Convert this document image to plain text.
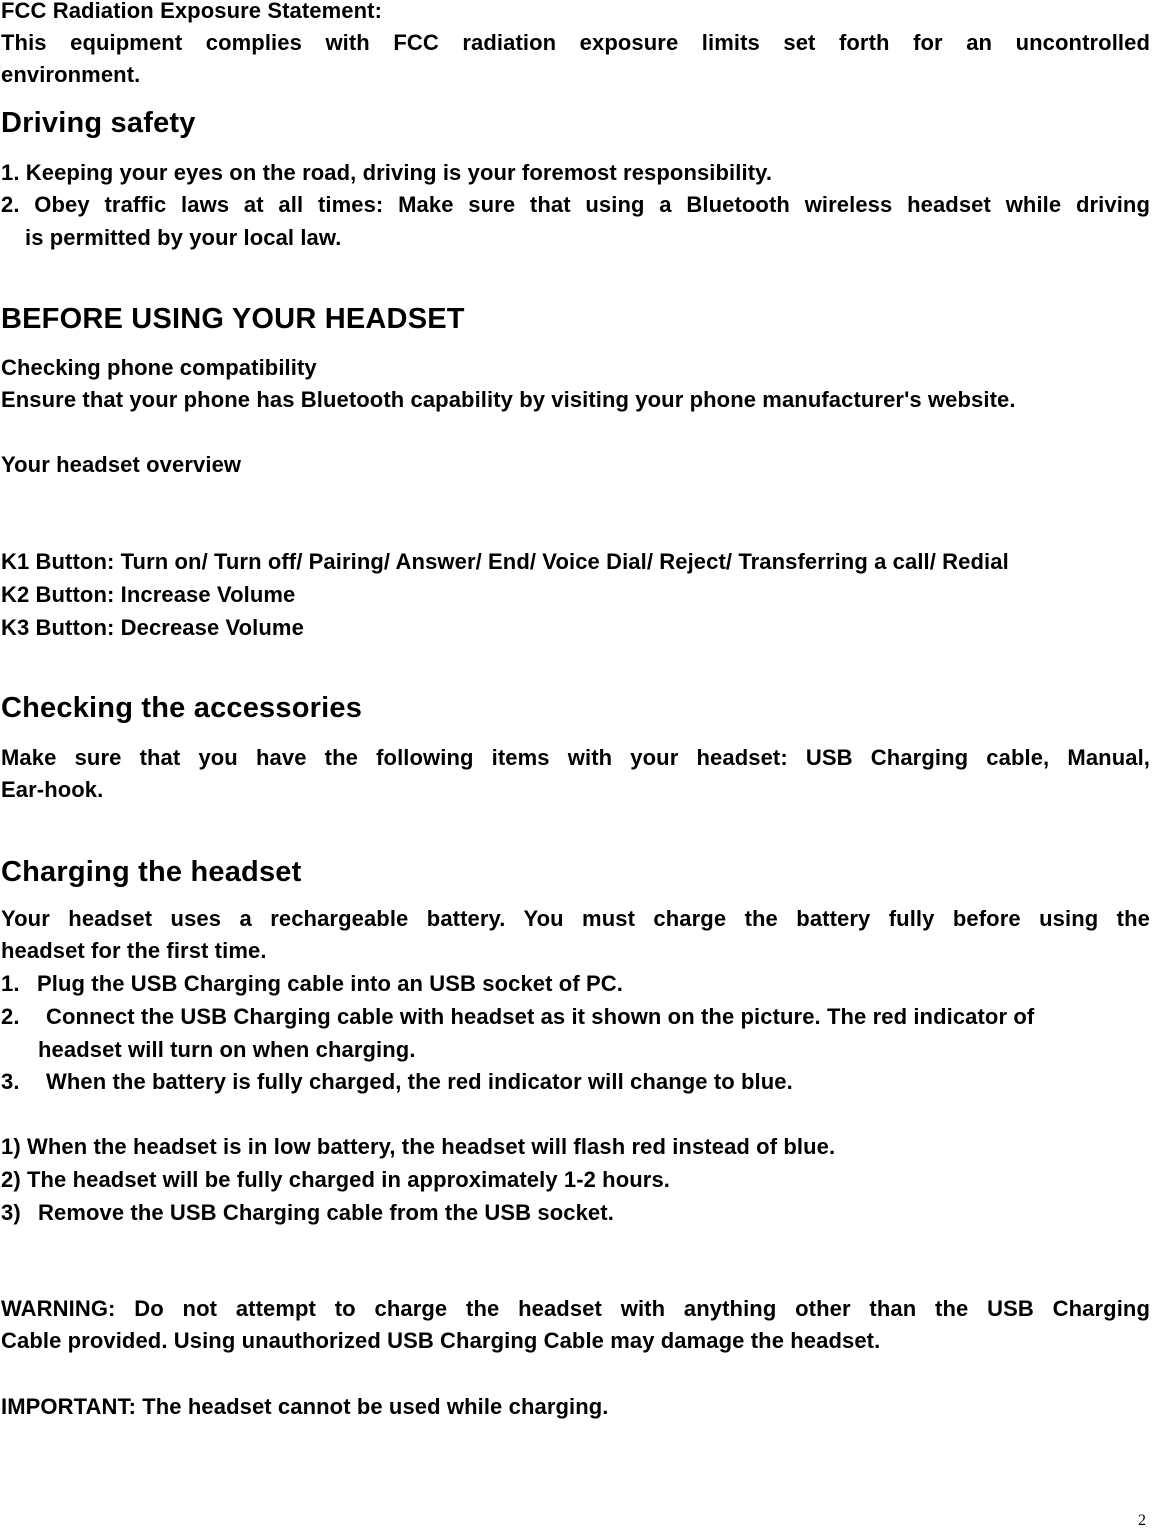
FCC Radiation Exposure Statement:
This equipment complies with FCC radiation exposure limits set forth for an uncontrolled
environment.
Driving safety
1. Keeping your eyes on the road, driving is your foremost responsibility.
2. Obey traffic laws at all times: Make sure that using a Bluetooth wireless headset while driving
is permitted by your local law.
BEFORE USING YOUR HEADSET
Checking phone compatibility
Ensure that your phone has Bluetooth capability by visiting your phone manufacturer's website.
Your headset overview
K1 Button: Turn on/ Turn off/ Pairing/ Answer/ End/ Voice Dial/ Reject/ Transferring a call/ Redial
K2 Button: Increase Volume
K3 Button: Decrease Volume
Checking the accessories
Make sure that you have the following items with your headset: USB Charging cable, Manual,
Ear-hook.
Charging the headset
Your headset uses a rechargeable battery. You must charge the battery fully before using the
headset for the first time.
1. Plug the USB Charging cable into an USB socket of PC.
2. Connect the USB Charging cable with headset as it shown on the picture. The red indicator of
headset will turn on when charging.
3. When the battery is fully charged, the red indicator will change to blue.
1) When the headset is in low battery, the headset will flash red instead of blue.
2) The headset will be fully charged in approximately 1-2 hours.
3) Remove the USB Charging cable from the USB socket.
WARNING: Do not attempt to charge the headset with anything other than the USB Charging
Cable provided. Using unauthorized USB Charging Cable may damage the headset.
IMPORTANT: The headset cannot be used while charging.
2
